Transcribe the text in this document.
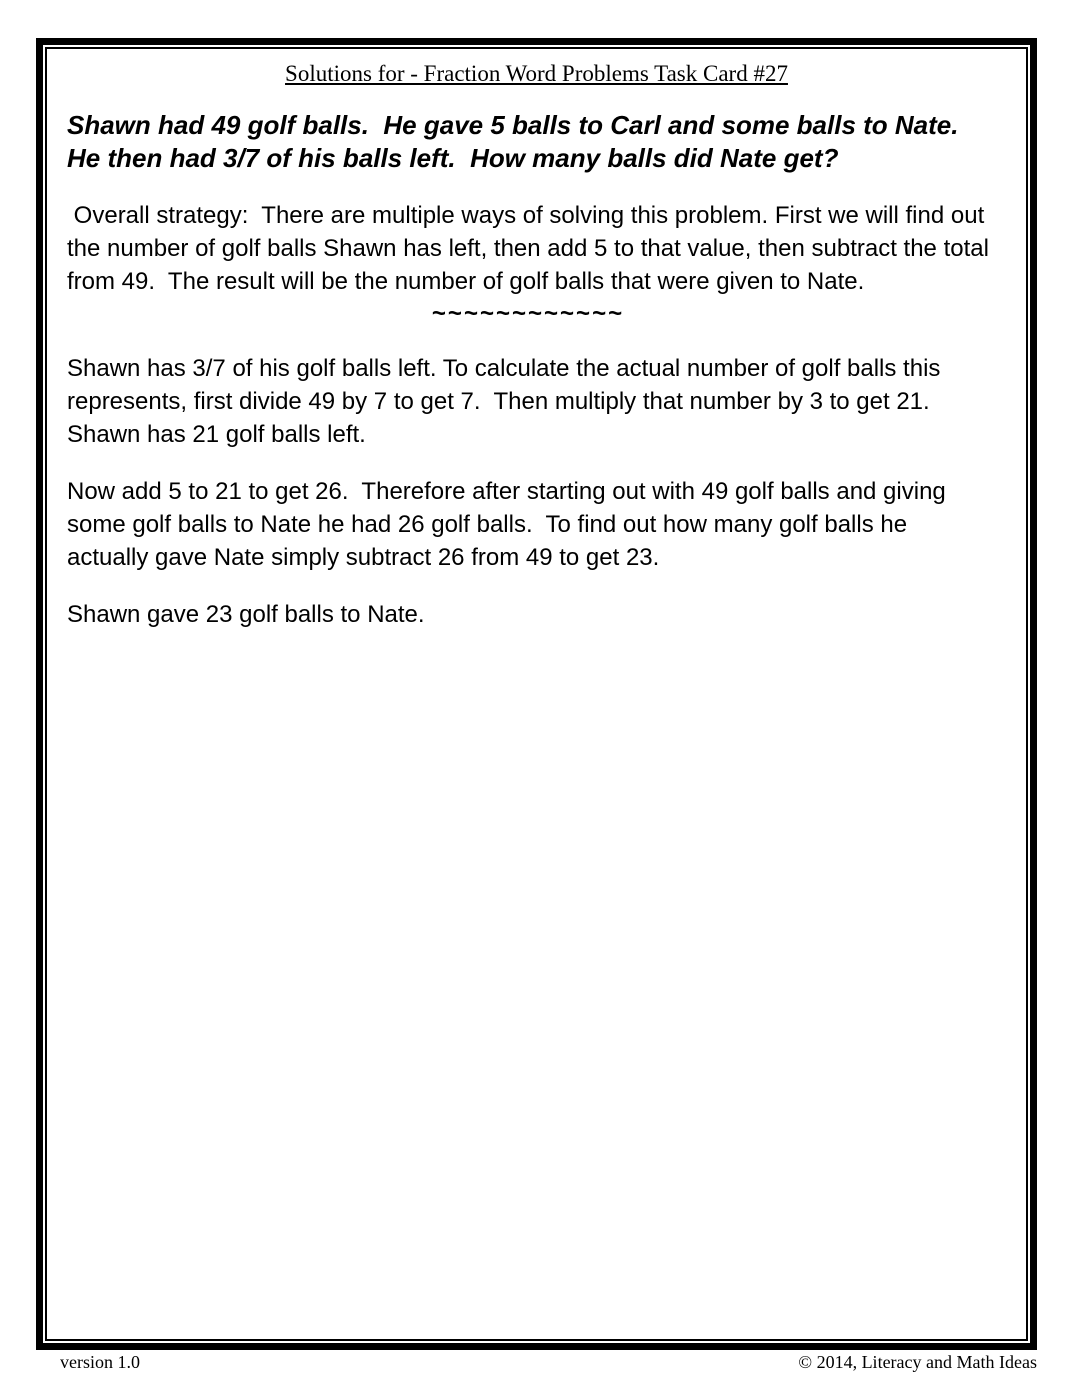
Solutions for - Fraction Word Problems Task Card #27
Shawn had 49 golf balls.  He gave 5 balls to Carl and some balls to Nate. He then had 3/7 of his balls left.  How many balls did Nate get?
Overall strategy:  There are multiple ways of solving this problem. First we will find out the number of golf balls Shawn has left, then add 5 to that value, then subtract the total from 49.  The result will be the number of golf balls that were given to Nate.
~~~~~~~~~~~~
Shawn has 3/7 of his golf balls left. To calculate the actual number of golf balls this represents, first divide 49 by 7 to get 7.  Then multiply that number by 3 to get 21.  Shawn has 21 golf balls left.
Now add 5 to 21 to get 26.  Therefore after starting out with 49 golf balls and giving some golf balls to Nate he had 26 golf balls.  To find out how many golf balls he actually gave Nate simply subtract 26 from 49 to get 23.
Shawn gave 23 golf balls to Nate.
version 1.0	© 2014, Literacy and Math Ideas
